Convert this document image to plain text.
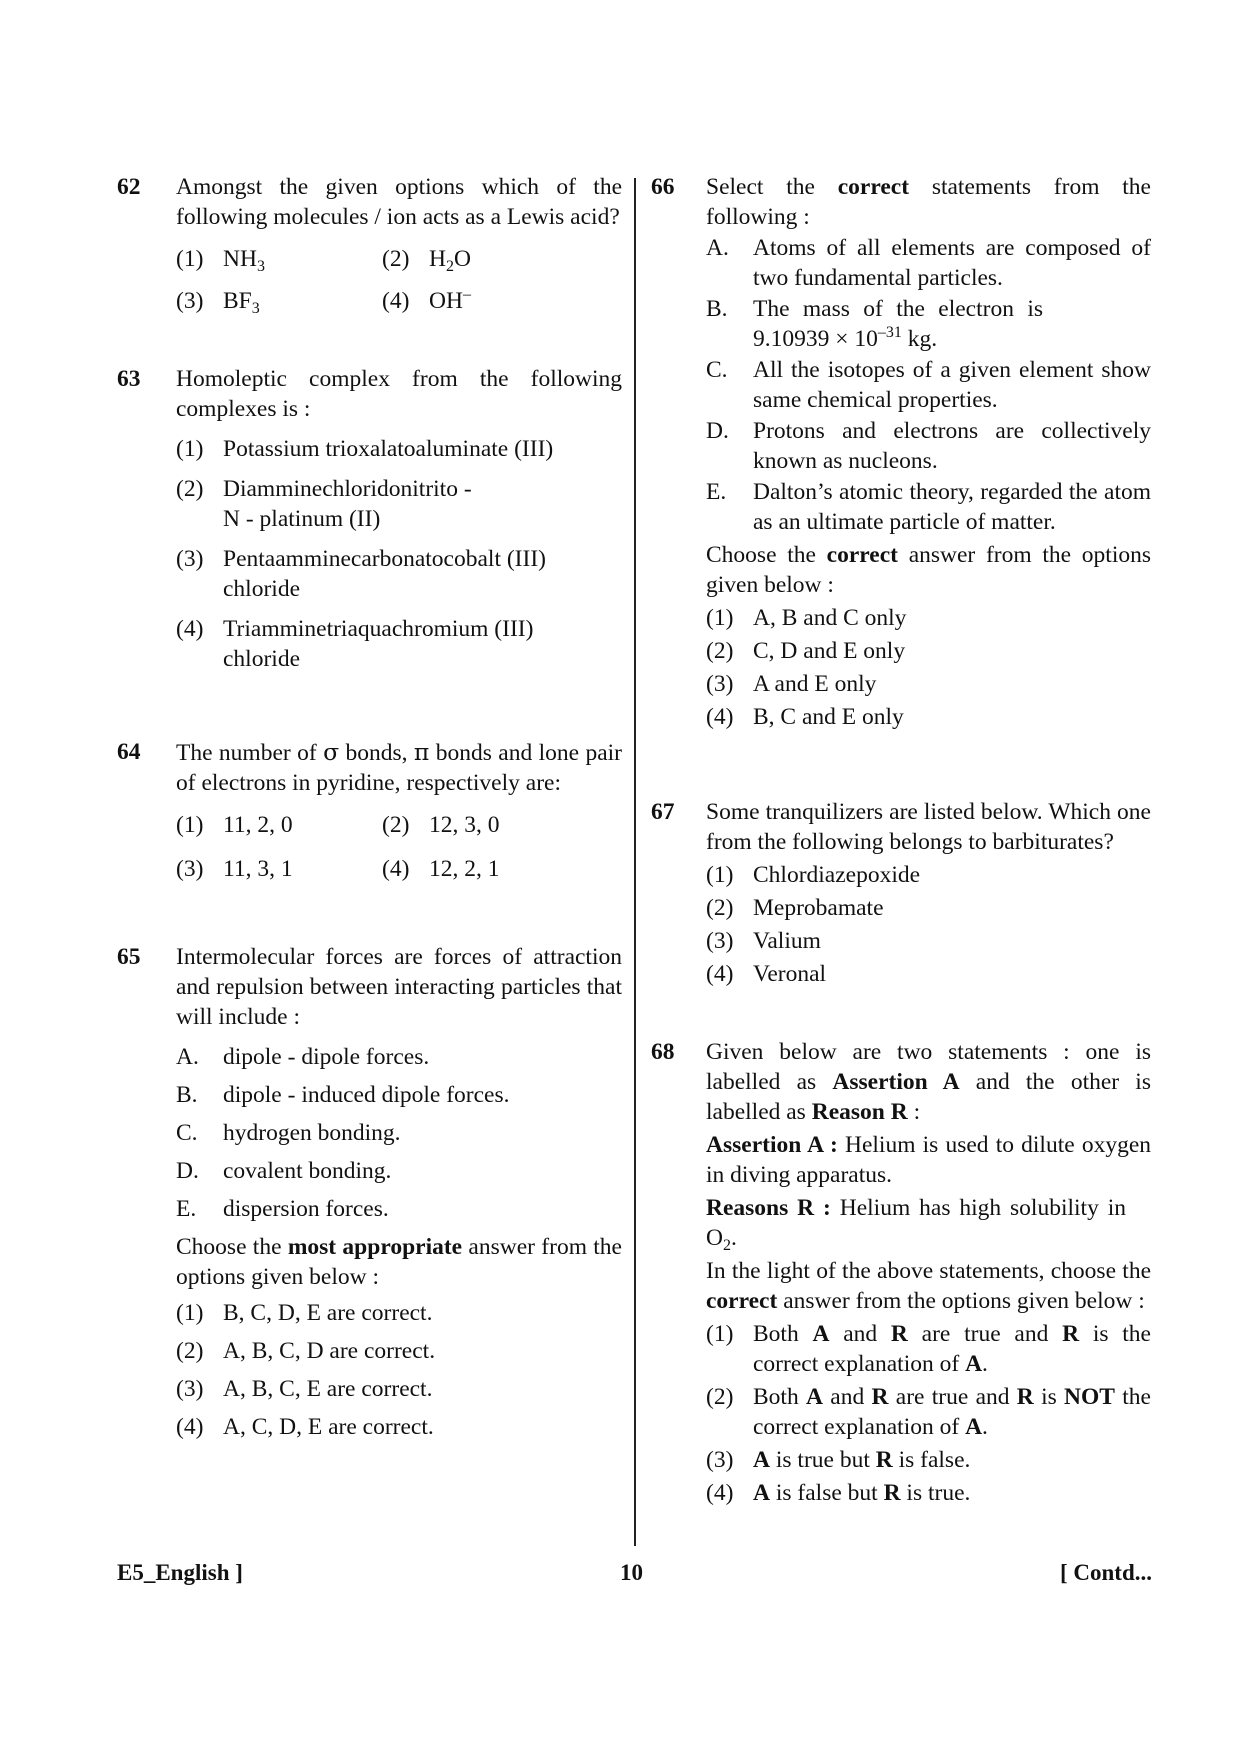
62 Amongst the given options which of the following molecules / ion acts as a Lewis acid?
(1) $NH_3$	(2) $H_2O$
(3) $BF_3$	(4) OH–
63 Homoleptic complex from the following complexes is :
(1) Potassium trioxalatoaluminate (III)
(2) Diamminechloridonitrito - N - platinum (II)
(3) Pentaamminecarbonatocobalt (III) chloride
(4) Triamminetriaquachromium (III) chloride
64 The number of σ bonds, π bonds and lone pair of electrons in pyridine, respectively are:
(1) 11, 2, 0	(2) 12, 3, 0
(3) 11, 3, 1	(4) 12, 2, 1
65 Intermolecular forces are forces of attraction and repulsion between interacting particles that will include :
A.	dipole - dipole forces.
B.	dipole - induced dipole forces.
C.	hydrogen bonding.
D.	covalent bonding.
E.	dispersion forces.
Choose the most appropriate answer from the options given below :
(1) B, C, D, E are correct.
(2) A, B, C, D are correct.
(3) A, B, C, E are correct.
(4) A, C, D, E are correct.
66 Select the correct statements from the following :
A.	Atoms of all elements are composed of two fundamental particles.
B.	The mass of the electron is $9.10939 \times 10^{-31}$ kg.
C.	All the isotopes of a given element show same chemical properties.
D.	Protons and electrons are collectively known as nucleons.
E.	Dalton’s atomic theory, regarded the atom as an ultimate particle of matter.
Choose the correct answer from the options given below :
(1) A, B and C only
(2) C, D and E only
(3) A and E only
(4) B, C and E only
67 Some tranquilizers are listed below. Which one from the following belongs to barbiturates?
(1) Chlordiazepoxide
(2) Meprobamate
(3) Valium
(4) Veronal
68 Given below are two statements : one is labelled as Assertion A and the other is labelled as Reason R :
Assertion A : Helium is used to dilute oxygen in diving apparatus.
Reasons R : Helium has high solubility in $O_2$.
In the light of the above statements, choose the correct answer from the options given below :
(1) Both A and R are true and R is the correct explanation of A.
(2) Both A and R are true and R is NOT the correct explanation of A.
(3) A is true but R is false.
(4) A is false but R is true.
E5_English ]	10	[ Contd...
